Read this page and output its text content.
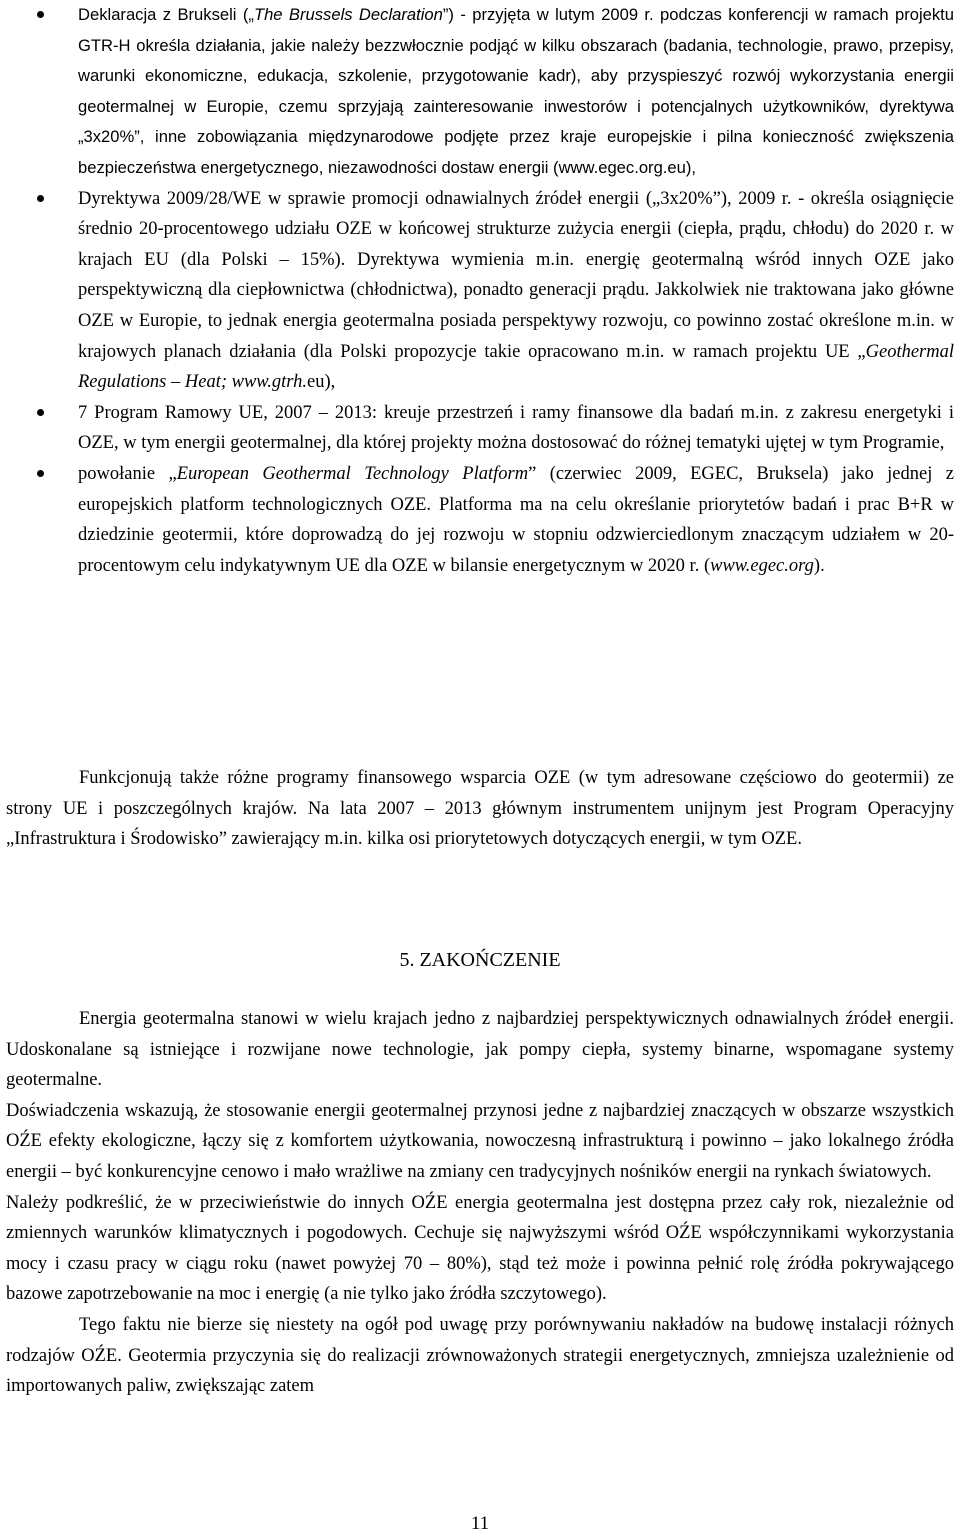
Deklaracja z Brukseli („The Brussels Declaration”) - przyjęta w lutym 2009 r. podczas konferencji w ramach projektu GTR-H określa działania, jakie należy bezzwłocznie podjąć w kilku obszarach (badania, technologie, prawo, przepisy, warunki ekonomiczne, edukacja, szkolenie, przygotowanie kadr), aby przyspieszyć rozwój wykorzystania energii geotermalnej w Europie, czemu sprzyjają zainteresowanie inwestorów i potencjalnych użytkowników, dyrektywa „3x20%”, inne zobowiązania międzynarodowe podjęte przez kraje europejskie i pilna konieczność zwiększenia bezpieczeństwa energetycznego, niezawodności dostaw energii (www.egec.org.eu),
Dyrektywa 2009/28/WE w sprawie promocji odnawialnych źródeł energii („3x20%”), 2009 r. - określa osiągnięcie średnio 20-procentowego udziału OZE w końcowej strukturze zużycia energii (ciepła, prądu, chłodu) do 2020 r. w krajach EU (dla Polski – 15%). Dyrektywa wymienia m.in. energię geotermalną wśród innych OZE jako perspektywiczną dla ciepłownictwa (chłodnictwa), ponadto generacji prądu. Jakkolwiek nie traktowana jako główne OZE w Europie, to jednak energia geotermalna posiada perspektywy rozwoju, co powinno zostać określone m.in. w krajowych planach działania (dla Polski propozycje takie opracowano m.in. w ramach projektu UE „Geothermal Regulations – Heat; www.gtrh.eu),
7 Program Ramowy UE, 2007 – 2013: kreuje przestrzeń i ramy finansowe dla badań m.in. z zakresu energetyki i OZE, w tym energii geotermalnej, dla której projekty można dostosować do różnej tematyki ujętej w tym Programie,
powołanie „European Geothermal Technology Platform” (czerwiec 2009, EGEC, Bruksela) jako jednej z europejskich platform technologicznych OZE. Platforma ma na celu określanie priorytetów badań i prac B+R w dziedzinie geotermii, które doprowadzą do jej rozwoju w stopniu odzwierciedlonym znaczącym udziałem w 20-procentowym celu indykatywnym UE dla OZE w bilansie energetycznym w 2020 r. (www.egec.org).

Funkcjonują także różne programy finansowego wsparcia OZE (w tym adresowane częściowo do geotermii) ze strony UE i poszczególnych krajów. Na lata 2007 – 2013 głównym instrumentem unijnym jest Program Operacyjny „Infrastruktura i Środowisko” zawierający m.in. kilka osi priorytetowych dotyczących energii, w tym OZE.

5. ZAKOŃCZENIE

Energia geotermalna stanowi w wielu krajach jedno z najbardziej perspektywicznych odnawialnych źródeł energii. Udoskonalane są istniejące i rozwijane nowe technologie, jak pompy ciepła, systemy binarne, wspomagane systemy geotermalne.

Doświadczenia wskazują, że stosowanie energii geotermalnej przynosi jedne z najbardziej znaczących w obszarze wszystkich OŹE efekty ekologiczne, łączy się z komfortem użytkowania, nowoczesną infrastrukturą i powinno – jako lokalnego źródła energii – być konkurencyjne cenowo i mało wrażliwe na zmiany cen tradycyjnych nośników energii na rynkach światowych.

Należy podkreślić, że w przeciwieństwie do innych OŹE energia geotermalna jest dostępna przez cały rok, niezależnie od zmiennych warunków klimatycznych i pogodowych. Cechuje się najwyższymi wśród OŹE współczynnikami wykorzystania mocy i czasu pracy w ciągu roku (nawet powyżej 70 – 80%), stąd też może i powinna pełnić rolę źródła pokrywającego bazowe zapotrzebowanie na moc i energię (a nie tylko jako źródła szczytowego).

Tego faktu nie bierze się niestety na ogół pod uwagę przy porównywaniu nakładów na budowę instalacji różnych rodzajów OŹE. Geotermia przyczynia się do realizacji zrównoważonych strategii energetycznych, zmniejsza uzależnienie od importowanych paliw, zwiększając zatem

11
